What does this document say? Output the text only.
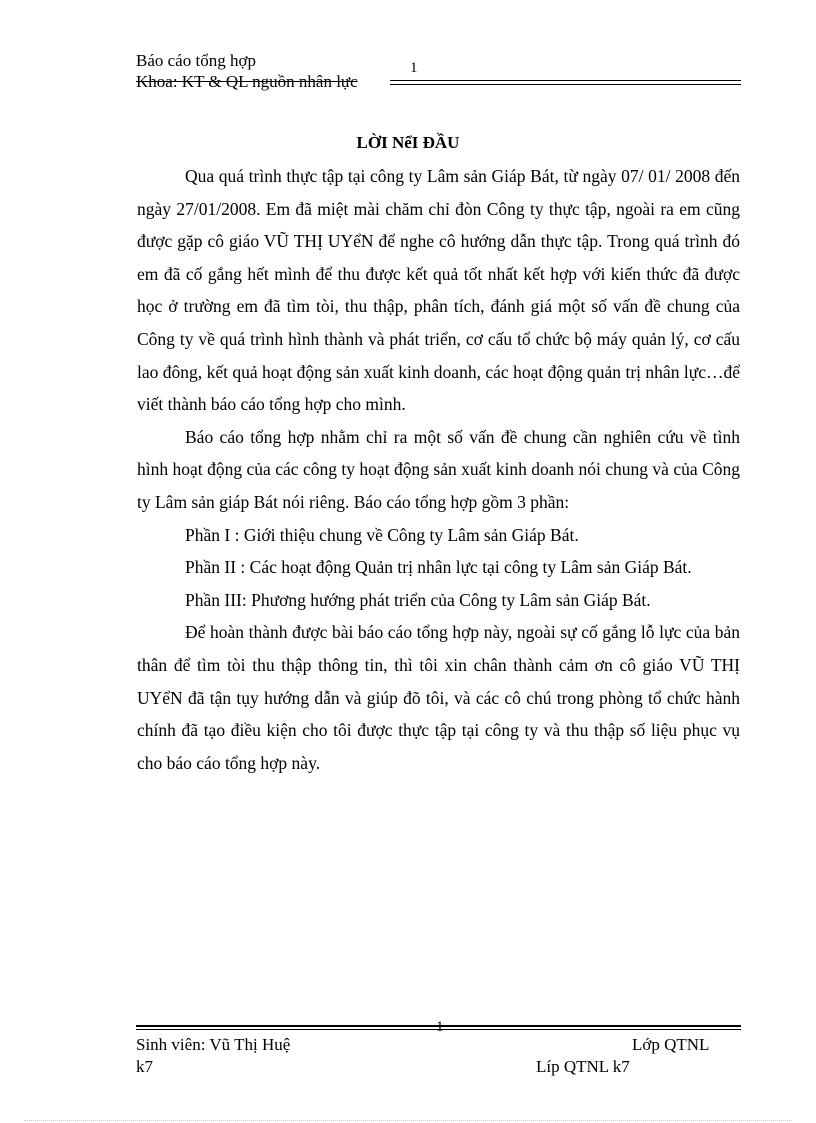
Báo cáo tổng hợp	1
Khoa: KT & QL nguồn nhân lực
LỜI NểI ĐẦU

Qua quá trình thực tập tại công ty Lâm sản Giáp Bát, từ ngày 07/ 01/ 2008 đến ngày 27/01/2008. Em đã miệt mài chăm chỉ đòn Công ty thực tập, ngoài ra em cũng được gặp cô giáo VŨ THỊ UYểN để nghe cô hướng dẫn thực tập. Trong quá trình đó em đã cố gắng hết mình để thu được kết quả tốt nhất kết hợp với kiến thức đã được học ở trường em đã tìm tòi, thu thập, phân tích, đánh giá một số vấn đề chung của Công ty về quá trình hình thành và phát triển, cơ cấu tổ chức bộ máy quản lý, cơ cấu lao đông, kết quả hoạt động sản xuất kinh doanh, các hoạt động quản trị nhân lực…để viết thành báo cáo tổng hợp cho mình.

Báo cáo tổng hợp nhằm chỉ ra một số vấn đề chung cần nghiên cứu về tình hình hoạt động của các công ty hoạt động sản xuất kinh doanh nói chung và của Công ty Lâm sản giáp Bát nói riêng. Báo cáo tổng hợp gồm 3 phần:

Phần I : Giới thiệu chung về Công ty Lâm sản Giáp Bát.

Phần II : Các hoạt động Quản trị nhân lực tại công ty Lâm sản Giáp Bát.

Phần III: Phương hướng phát triển của Công ty Lâm sản Giáp Bát.

Để hoàn thành được bài báo cáo tổng hợp này, ngoài sự cố gắng lỗ lực của bản thân để tìm tòi thu thập thông tin, thì tôi xin chân thành cảm ơn cô giáo VŨ THỊ UYểN đã tận tụy hướng dẫn và giúp đõ tôi, và các cô chú trong phòng tổ chức hành chính đã tạo điều kiện cho tôi được thực tập tại công ty và thu thập số liệu phục vụ cho báo cáo tổng hợp này.

1
Sinh viên: Vũ Thị Huệ	Lớp QTNL
k7	Líp QTNL k7
